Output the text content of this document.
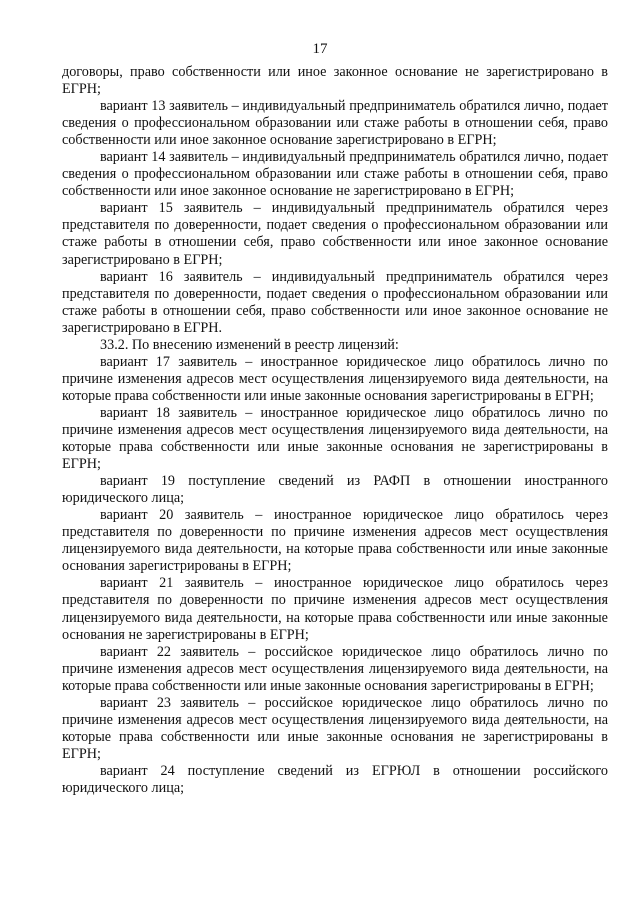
17

договоры, право собственности или иное законное основание не зарегистрировано в ЕГРН;

вариант 13 заявитель – индивидуальный предприниматель обратился лично, подает сведения о профессиональном образовании или стаже работы в отношении себя, право собственности или иное законное основание зарегистрировано в ЕГРН;

вариант 14 заявитель – индивидуальный предприниматель обратился лично, подает сведения о профессиональном образовании или стаже работы в отношении себя, право собственности или иное законное основание не зарегистрировано в ЕГРН;

вариант 15 заявитель – индивидуальный предприниматель обратился через представителя по доверенности, подает сведения о профессиональном образовании или стаже работы в отношении себя, право собственности или иное законное основание зарегистрировано в ЕГРН;

вариант 16 заявитель – индивидуальный предприниматель обратился через представителя по доверенности, подает сведения о профессиональном образовании или стаже работы в отношении себя, право собственности или иное законное основание не зарегистрировано в ЕГРН.

33.2. По внесению изменений в реестр лицензий:

вариант 17 заявитель – иностранное юридическое лицо обратилось лично по причине изменения адресов мест осуществления лицензируемого вида деятельности, на которые права собственности или иные законные основания зарегистрированы в ЕГРН;

вариант 18 заявитель – иностранное юридическое лицо обратилось лично по причине изменения адресов мест осуществления лицензируемого вида деятельности, на которые права собственности или иные законные основания не зарегистрированы в ЕГРН;

вариант 19 поступление сведений из РАФП в отношении иностранного юридического лица;

вариант 20 заявитель – иностранное юридическое лицо обратилось через представителя по доверенности по причине изменения адресов мест осуществления лицензируемого вида деятельности, на которые права собственности или иные законные основания зарегистрированы в ЕГРН;

вариант 21 заявитель – иностранное юридическое лицо обратилось через представителя по доверенности по причине изменения адресов мест осуществления лицензируемого вида деятельности, на которые права собственности или иные законные основания не зарегистрированы в ЕГРН;

вариант 22 заявитель – российское юридическое лицо обратилось лично по причине изменения адресов мест осуществления лицензируемого вида деятельности, на которые права собственности или иные законные основания зарегистрированы в ЕГРН;

вариант 23 заявитель – российское юридическое лицо обратилось лично по причине изменения адресов мест осуществления лицензируемого вида деятельности, на которые права собственности или иные законные основания не зарегистрированы в ЕГРН;

вариант 24 поступление сведений из ЕГРЮЛ в отношении российского юридического лица;
